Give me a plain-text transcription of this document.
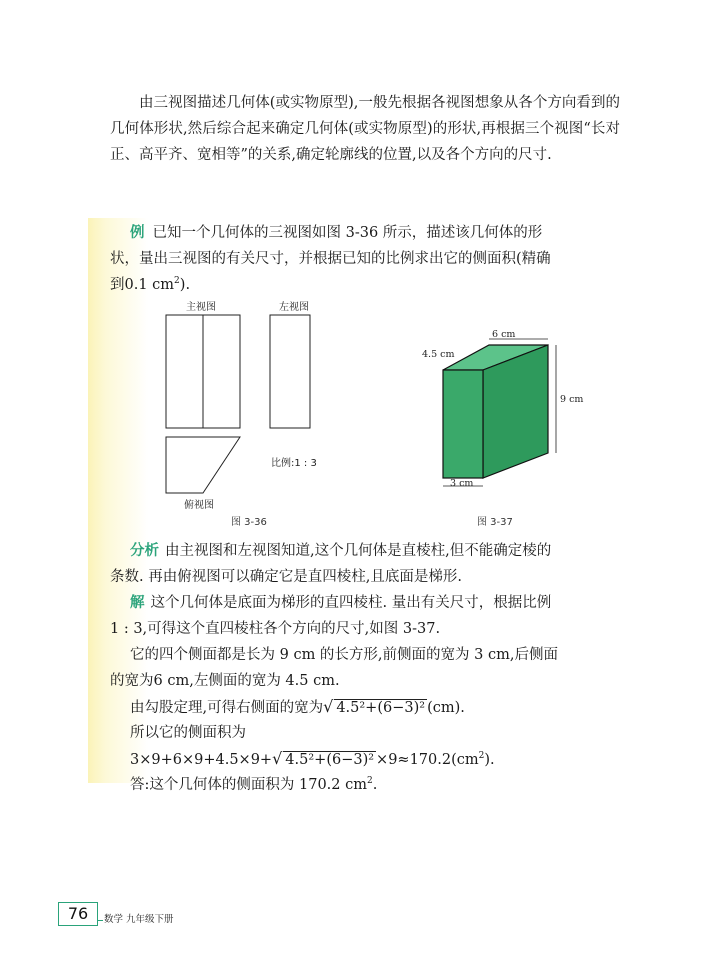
由三视图描述几何体(或实物原型),一般先根据各视图想象从各个方向看到的几何体形状,然后综合起来确定几何体(或实物原型)的形状,再根据三个视图“长对正、高平齐、宽相等”的关系,确定轮廓线的位置,以及各个方向的尺寸.

例 已知一个几何体的三视图如图 3-36 所示，描述该几何体的形
状，量出三视图的有关尺寸，并根据已知的比例求出它的侧面积(精确
到0.1 $cm^2$).
主视图	左视图
俯视图
比例:1 : 3
图 3-36
6 cm
4.5 cm
9 cm
3 cm
图 3-37
分析 由主视图和左视图知道,这个几何体是直棱柱,但不能确定棱的
条数. 再由俯视图可以确定它是直四棱柱,且底面是梯形.
解 这个几何体是底面为梯形的直四棱柱. 量出有关尺寸，根据比例
1 : 3,可得这个直四棱柱各个方向的尺寸,如图 3-37.
它的四个侧面都是长为 9 cm 的长方形,前侧面的宽为 3 cm,后侧面
的宽为6 cm,左侧面的宽为 4.5 cm.
由勾股定理,可得右侧面的宽为√ 4.5²+(6−3)² (cm).
所以它的侧面积为
3×9+6×9+4.5×9+√ $4.5^2+(6-3)^2 \times 9\approx 170.2(cm^2)$.
答:这个几何体的侧面积为 170.2 $cm^2$.
76	数学 九年级下册
